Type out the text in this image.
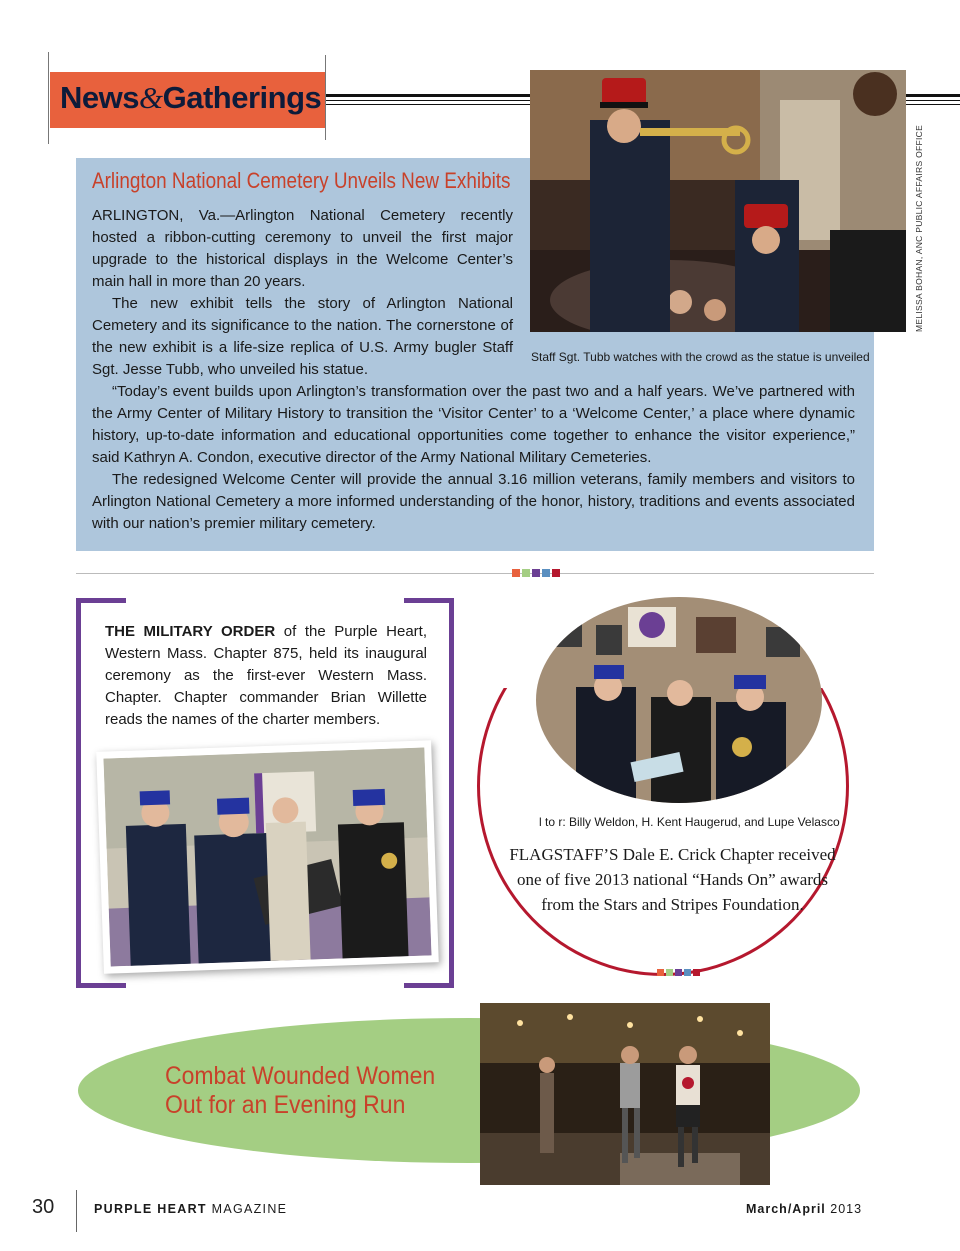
News&Gatherings
Arlington National Cemetery Unveils New Exhibits
ARLINGTON, Va.—Arlington National Cemetery recently hosted a ribbon-cutting ceremony to unveil the first major upgrade to the historical displays in the Welcome Center’s main hall in more than 20 years.
The new exhibit tells the story of Arlington National Cemetery and its significance to the nation. The cornerstone of the new exhibit is a life-size replica of U.S. Army bugler Staff Sgt. Jesse Tubb, who unveiled his statue.
“Today’s event builds upon Arlington’s transformation over the past two and a half years. We’ve partnered with the Army Center of Military History to transition the ‘Visitor Center’ to a ‘Welcome Center,’ a place where dynamic history, up-to-date information and educational opportunities come together to enhance the visitor experience,” said Kathryn A. Condon, executive director of the Army National Military Cemeteries.
The redesigned Welcome Center will provide the annual 3.16 million veterans, family members and visitors to Arlington National Cemetery a more informed understanding of the honor, history, traditions and events associated with our nation’s premier military cemetery.
MELISSA BOHAN, ANC PUBLIC AFFAIRS OFFICE
Staff Sgt. Tubb watches with the crowd as the statue is unveiled
THE MILITARY ORDER of the Purple Heart, Western Mass. Chapter 875, held its inaugural ceremony as the first-ever Western Mass. Chapter. Chapter commander Brian Willette reads the names of the charter members.
l to r: Billy Weldon, H. Kent Haugerud, and Lupe Velasco
FLAGSTAFF’S Dale E. Crick Chapter received one of five 2013 national “Hands On” awards from the Stars and Stripes Foundation.
Combat Wounded Women
Out for an Evening Run
30	PURPLE HEART MAGAZINE	March/April 2013
